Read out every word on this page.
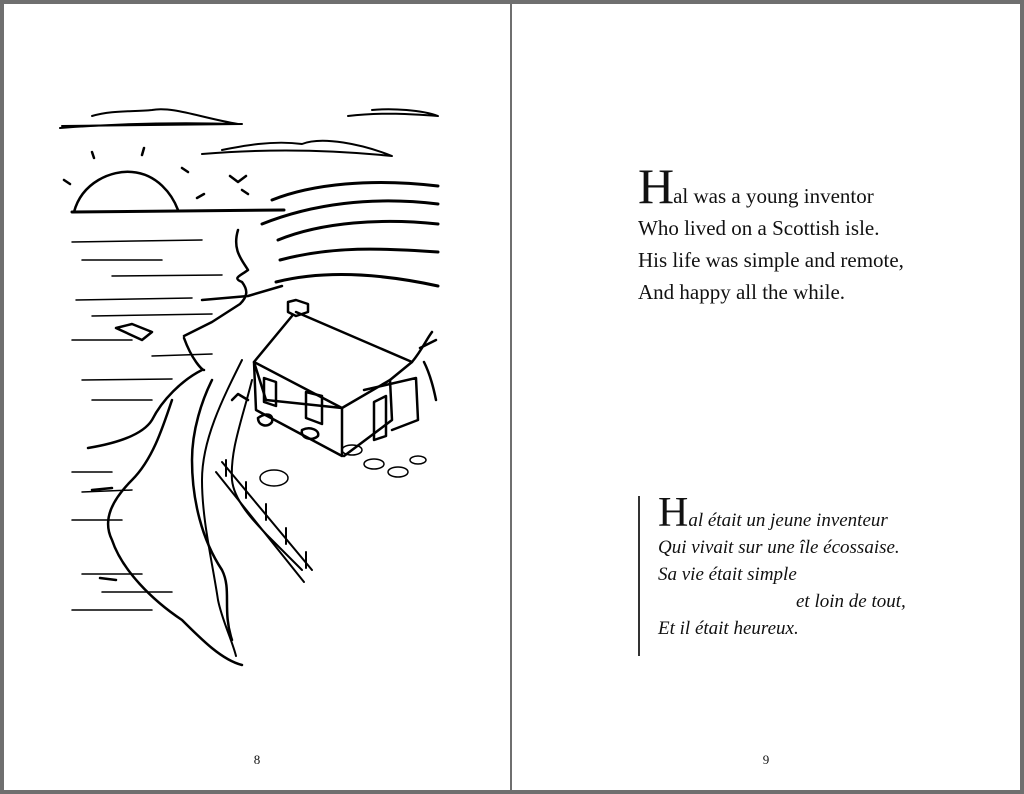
8
Hal was a young inventor
Who lived on a Scottish isle.
His life was simple and remote,
And happy all the while.
Hal était un jeune inventeur
Qui vivait sur une île écossaise.
Sa vie était simple
et loin de tout,
Et il était heureux.
9
